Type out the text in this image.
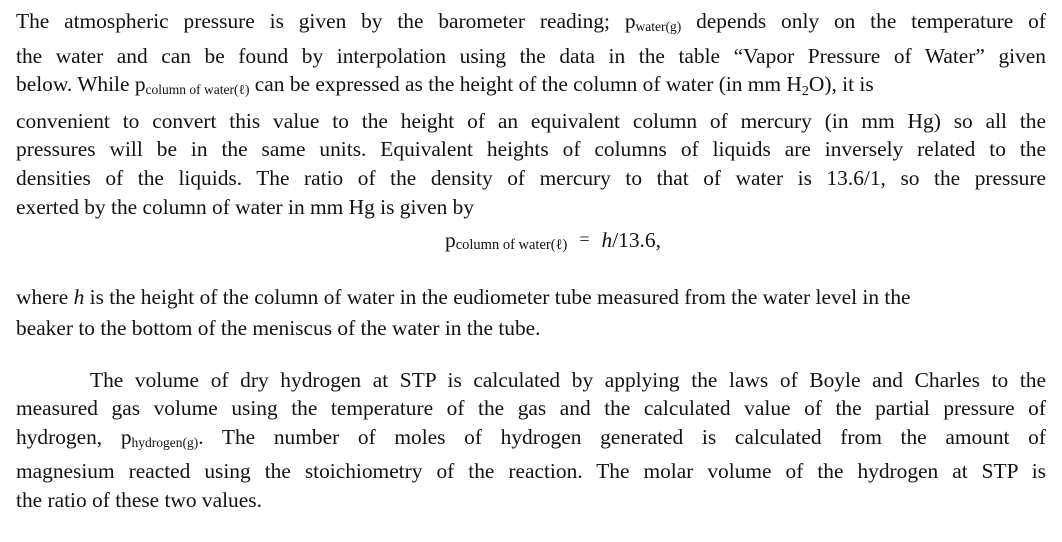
The atmospheric pressure is given by the barometer reading; $p_{water(g)}$ depends only on the temperature of
the water and can be found by interpolation using the data in the table “Vapor Pressure of Water” given
below. While $p_{column of water(\ell)}$ can be expressed as the height of the column of water (in mm H2O), it is
convenient to convert this value to the height of an equivalent column of mercury (in mm Hg) so all the
pressures will be in the same units. Equivalent heights of columns of liquids are inversely related to the
densities of the liquids. The ratio of the density of mercury to that of water is 13.6/1, so the pressure
exerted by the column of water in mm Hg is given by
pcolumn of water(ℓ) = h/13.6,
where h is the height of the column of water in the eudiometer tube measured from the water level in the
beaker to the bottom of the meniscus of the water in the tube.
The volume of dry hydrogen at STP is calculated by applying the laws of Boyle and Charles to the
measured gas volume using the temperature of the gas and the calculated value of the partial pressure of
hydrogen, $p_{hydrogen(g)}$. The number of moles of hydrogen generated is calculated from the amount of
magnesium reacted using the stoichiometry of the reaction. The molar volume of the hydrogen at STP is
the ratio of these two values.
